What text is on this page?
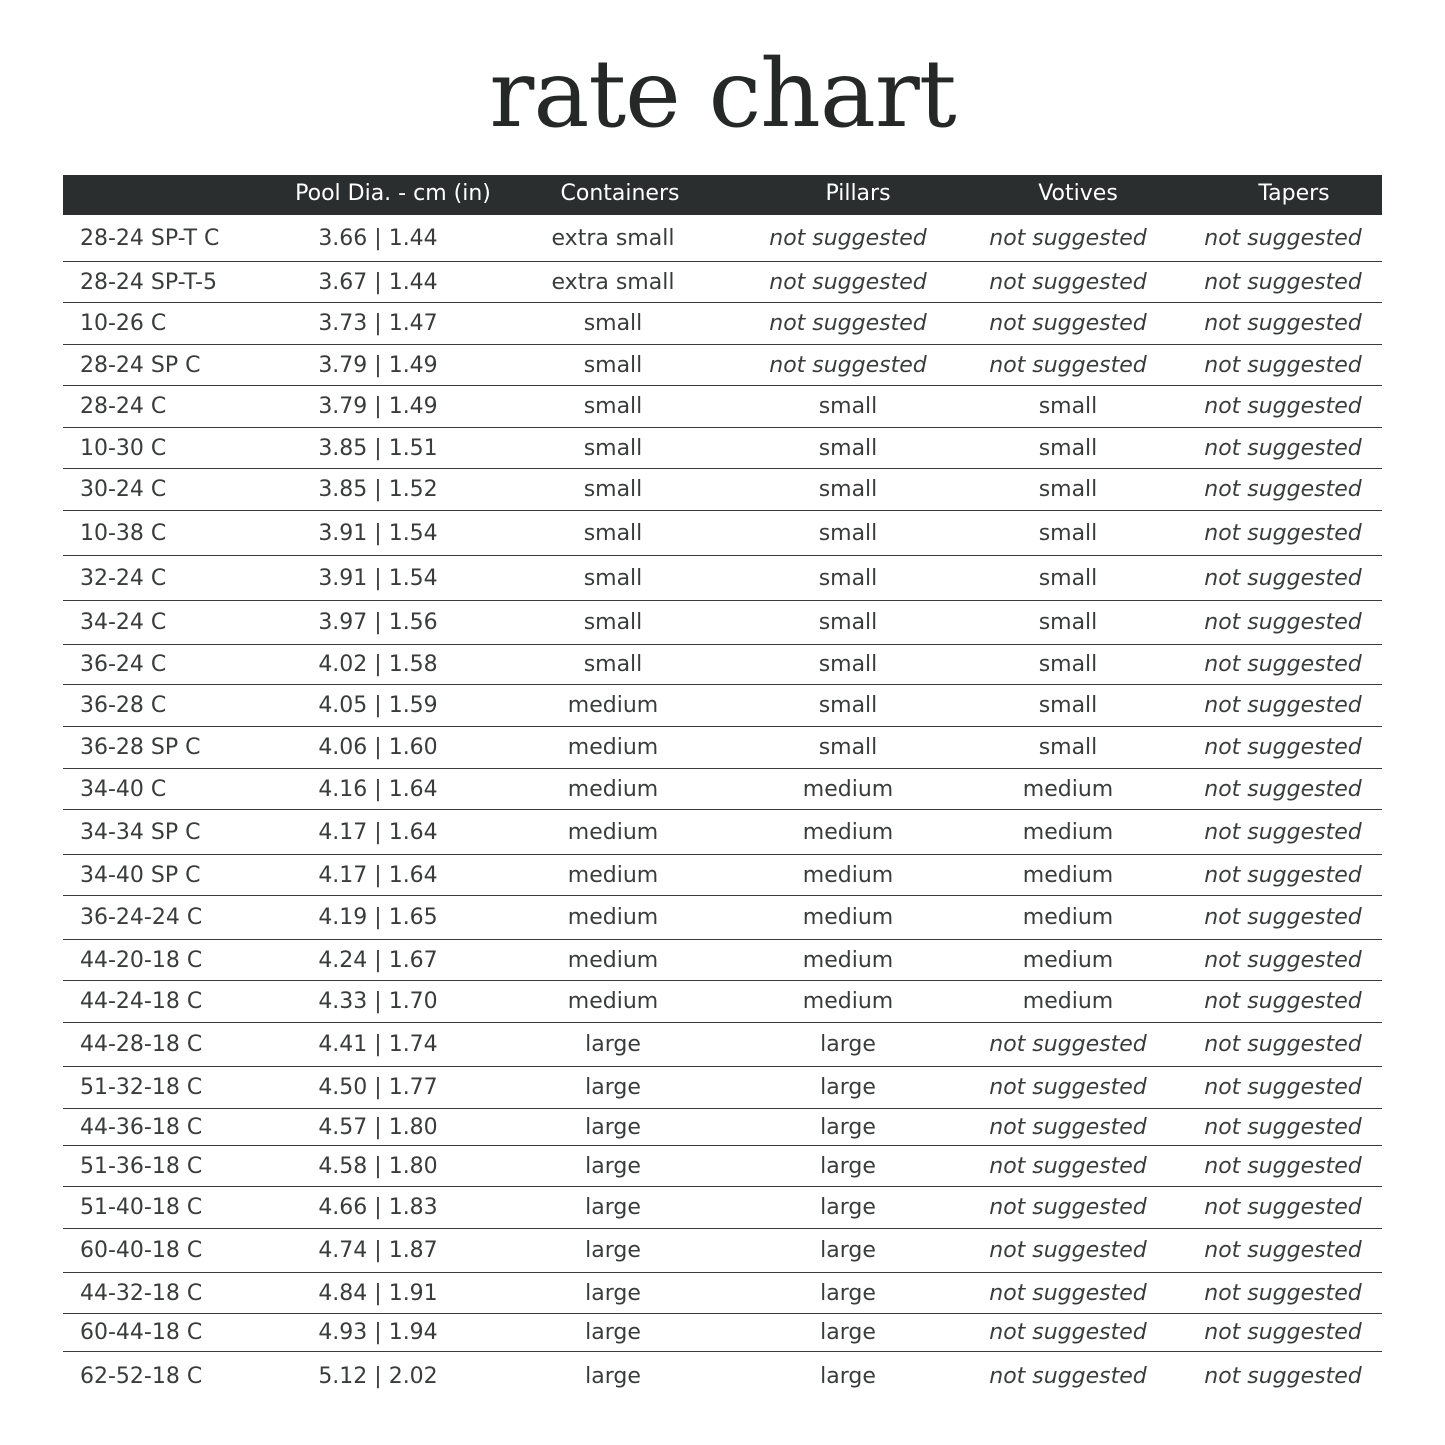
rate chart
Pool Dia. - cm (in)	Containers	Pillars	Votives	Tapers
28-24 SP-T C	3.66 | 1.44	extra small	not suggested	not suggested	not suggested
28-24 SP-T-5	3.67 | 1.44	extra small	not suggested	not suggested	not suggested
10-26 C	3.73 | 1.47	small	not suggested	not suggested	not suggested
28-24 SP C	3.79 | 1.49	small	not suggested	not suggested	not suggested
28-24 C	3.79 | 1.49	small	small	small	not suggested
10-30 C	3.85 | 1.51	small	small	small	not suggested
30-24 C	3.85 | 1.52	small	small	small	not suggested
10-38 C	3.91 | 1.54	small	small	small	not suggested
32-24 C	3.91 | 1.54	small	small	small	not suggested
34-24 C	3.97 | 1.56	small	small	small	not suggested
36-24 C	4.02 | 1.58	small	small	small	not suggested
36-28 C	4.05 | 1.59	medium	small	small	not suggested
36-28 SP C	4.06 | 1.60	medium	small	small	not suggested
34-40 C	4.16 | 1.64	medium	medium	medium	not suggested
34-34 SP C	4.17 | 1.64	medium	medium	medium	not suggested
34-40 SP C	4.17 | 1.64	medium	medium	medium	not suggested
36-24-24 C	4.19 | 1.65	medium	medium	medium	not suggested
44-20-18 C	4.24 | 1.67	medium	medium	medium	not suggested
44-24-18 C	4.33 | 1.70	medium	medium	medium	not suggested
44-28-18 C	4.41 | 1.74	large	large	not suggested	not suggested
51-32-18 C	4.50 | 1.77	large	large	not suggested	not suggested
44-36-18 C	4.57 | 1.80	large	large	not suggested	not suggested
51-36-18 C	4.58 | 1.80	large	large	not suggested	not suggested
51-40-18 C	4.66 | 1.83	large	large	not suggested	not suggested
60-40-18 C	4.74 | 1.87	large	large	not suggested	not suggested
44-32-18 C	4.84 | 1.91	large	large	not suggested	not suggested
60-44-18 C	4.93 | 1.94	large	large	not suggested	not suggested
62-52-18 C	5.12 | 2.02	large	large	not suggested	not suggested
